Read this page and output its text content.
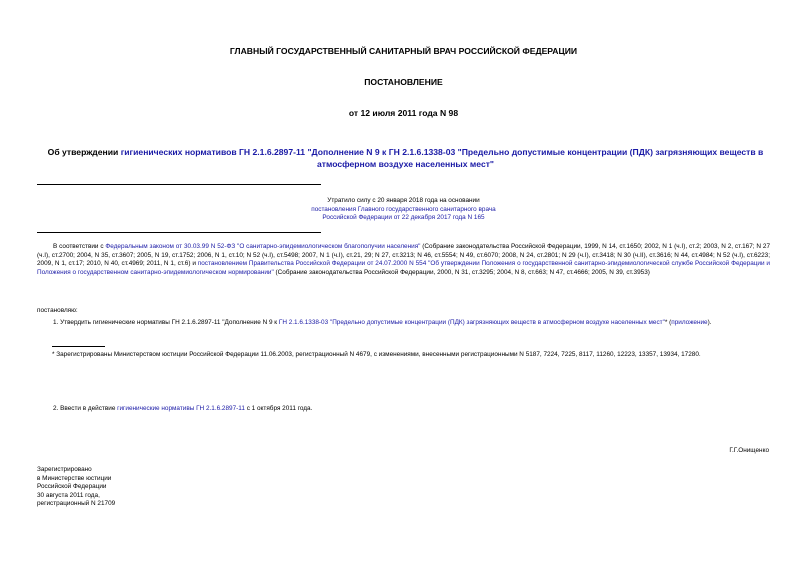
ГЛАВНЫЙ ГОСУДАРСТВЕННЫЙ САНИТАРНЫЙ ВРАЧ РОССИЙСКОЙ ФЕДЕРАЦИИ
ПОСТАНОВЛЕНИЕ
от 12 июля 2011 года N 98
Об утверждении гигиенических нормативов ГН 2.1.6.2897-11 "Дополнение N 9 к ГН 2.1.6.1338-03 "Предельно допустимые концентрации (ПДК) загрязняющих веществ в атмосферном воздухе населенных мест"
Утратило силу с 20 января 2018 года на основании
постановления Главного государственного санитарного врача
Российской Федерации от 22 декабря 2017 года N 165

В соответствии с Федеральным законом от 30.03.99 N 52-ФЗ "О санитарно-эпидемиологическом благополучии населения" (Собрание законодательства Российской Федерации, 1999, N 14, ст.1650; 2002, N 1 (ч.I), ст.2; 2003, N 2, ст.167; N 27 (ч.I), ст.2700; 2004, N 35, ст.3607; 2005, N 19, ст.1752; 2006, N 1, ст.10; N 52 (ч.I), ст.5498; 2007, N 1 (ч.I), ст.21, 29; N 27, ст.3213; N 46, ст.5554; N 49, ст.6070; 2008, N 24, ст.2801; N 29 (ч.I), ст.3418; N 30 (ч.II), ст.3616; N 44, ст.4984; N 52 (ч.I), ст.6223; 2009, N 1, ст.17; 2010, N 40, ст.4969; 2011, N 1, ст.6) и постановлением Правительства Российской Федерации от 24.07.2000 N 554 "Об утверждении Положения о государственной санитарно-эпидемиологической службе Российской Федерации и Положения о государственном санитарно-эпидемиологическом нормировании" (Собрание законодательства Российской Федерации, 2000, N 31, ст.3295; 2004, N 8, ст.663; N 47, ст.4666; 2005, N 39, ст.3953)

постановляю:

1. Утвердить гигиенические нормативы ГН 2.1.6.2897-11 "Дополнение N 9 к ГН 2.1.6.1338-03 "Предельно допустимые концентрации (ПДК) загрязняющих веществ в атмосферном воздухе населенных мест"* (приложение).

* Зарегистрированы Министерством юстиции Российской Федерации 11.06.2003, регистрационный N 4679, с изменениями, внесенными регистрационными N 5187, 7224, 7225, 8117, 11260, 12223, 13357, 13934, 17280.

2. Ввести в действие гигиенические нормативы ГН 2.1.6.2897-11 с 1 октября 2011 года.

Г.Г.Онищенко
Зарегистрировано
в Министерстве юстиции
Российской Федерации
30 августа 2011 года,
регистрационный N 21709
